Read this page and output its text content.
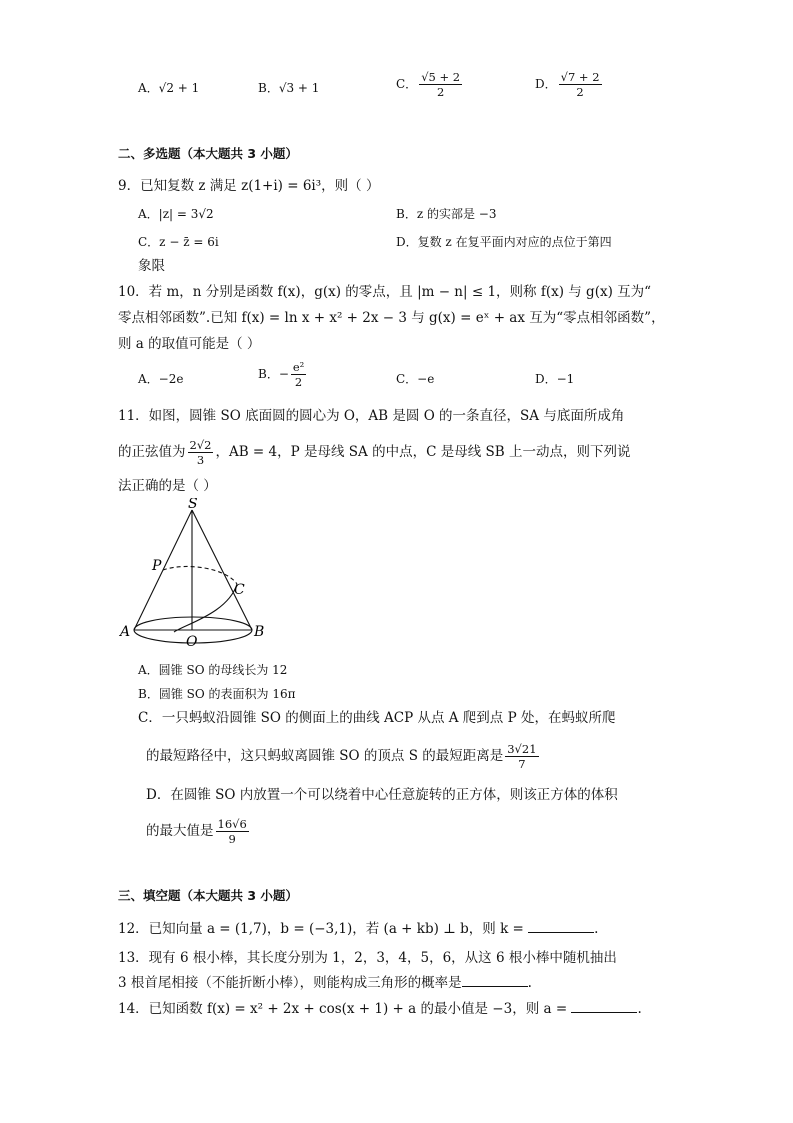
A．√2 + 1	B．√3 + 1	C． $\frac{√5 + 2}{2}$	D． $\frac{√7 + 2}{2}$
二、多选题（本大题共 3 小题）
9．已知复数 z 满足 z(1+i) = 6i³，则（ ）
A．|z| = 3√2	B．z 的实部是 −3
C．z − z̄ = 6i	D．复数 z 在复平面内对应的点位于第四
象限
10．若 m，n 分别是函数 f(x)，g(x) 的零点，且 |m − n| ≤ 1，则称 f(x) 与 g(x) 互为“
零点相邻函数”.已知 f(x) = ln x + x² + 2x − 3 与 g(x) = eˣ + ax 互为“零点相邻函数”，
则 a 的取值可能是（ ）
A．−2e	B．− $\frac{\text{e²}}{2}$	C．−e	D．−1
11．如图，圆锥 SO 底面圆的圆心为 O，AB 是圆 O 的一条直径，SA 与底面所成角
的正弦值为 $\frac{2√2}{3}$ ，AB = 4，P 是母线 SA 的中点，C 是母线 SB 上一动点，则下列说
法正确的是（ ）
S
P
C
A	B
O
A．圆锥 SO 的母线长为 12
B．圆锥 SO 的表面积为 16π
C．一只蚂蚁沿圆锥 SO 的侧面上的曲线 ACP 从点 A 爬到点 P 处，在蚂蚁所爬
的最短路径中，这只蚂蚁离圆锥 SO 的顶点 S 的最短距离是 $\frac{3√21}{7}$
D．在圆锥 SO 内放置一个可以绕着中心任意旋转的正方体，则该正方体的体积
的最大值是 $\frac{16√6}{9}$
三、填空题（本大题共 3 小题）
12．已知向量 a = (1,7)，b = (−3,1)，若 (a + kb) ⊥ b，则 k =	.
13．现有 6 根小棒，其长度分别为 1，2，3，4，5，6，从这 6 根小棒中随机抽出
3 根首尾相接（不能折断小棒），则能构成三角形的概率是	.
14．已知函数 f(x) = x² + 2x + cos(x + 1) + a 的最小值是 −3，则 a =	.
